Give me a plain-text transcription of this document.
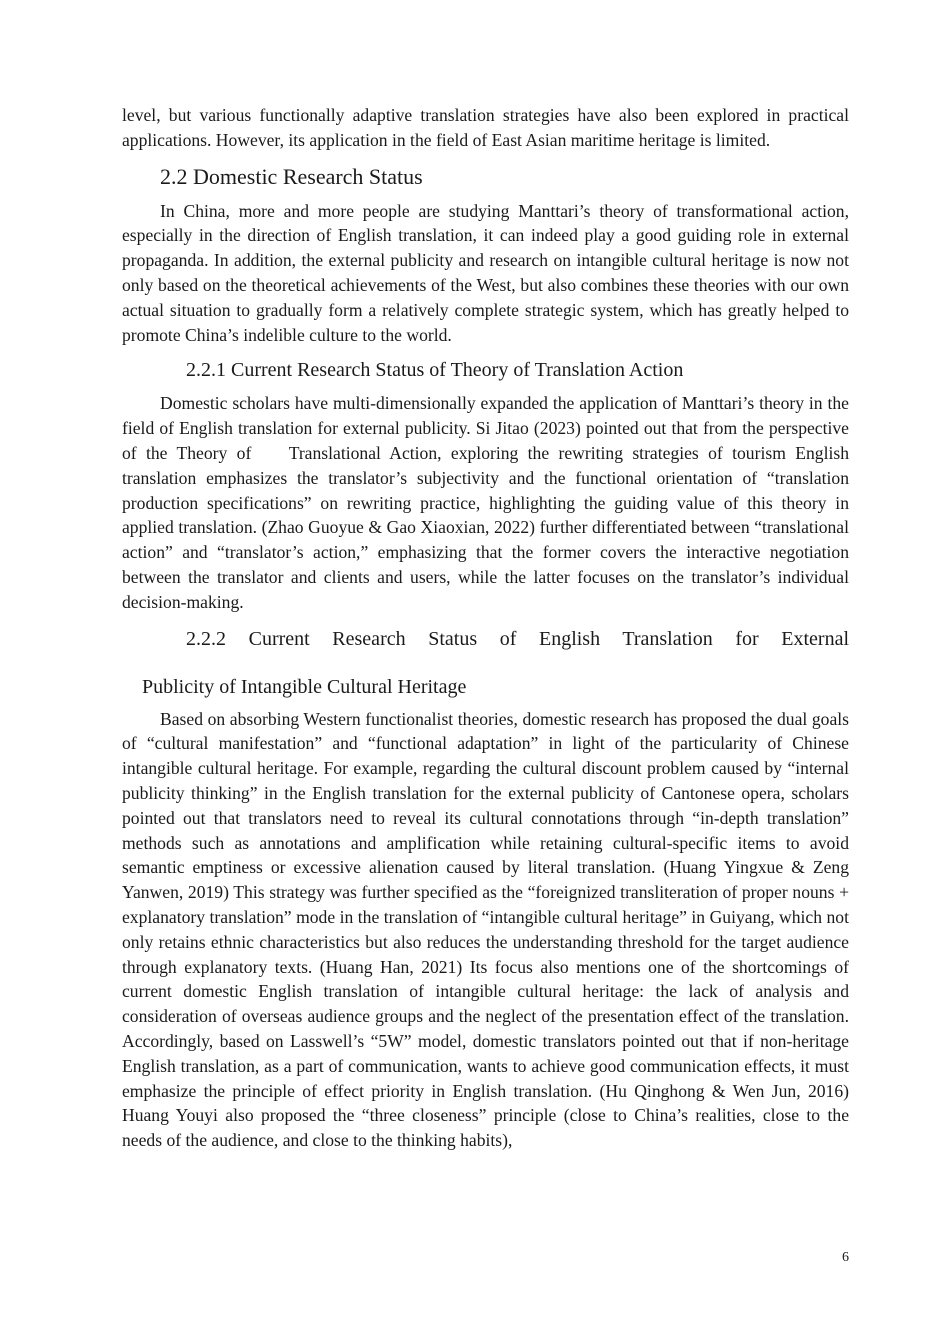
level, but various functionally adaptive translation strategies have also been explored in practical applications. However, its application in the field of East Asian maritime heritage is limited.

2.2 Domestic Research Status

In China, more and more people are studying Manttari’s theory of transformational action, especially in the direction of English translation, it can indeed play a good guiding role in external propaganda. In addition, the external publicity and research on intangible cultural heritage is now not only based on the theoretical achievements of the West, but also combines these theories with our own actual situation to gradually form a relatively complete strategic system, which has greatly helped to promote China’s indelible culture to the world.

2.2.1 Current Research Status of Theory of Translation Action

Domestic scholars have multi-dimensionally expanded the application of Manttari’s theory in the field of English translation for external publicity. Si Jitao (2023) pointed out that from the perspective of the Theory of    Translational Action, exploring the rewriting strategies of tourism English translation emphasizes the translator’s subjectivity and the functional orientation of “translation production specifications” on rewriting practice, highlighting the guiding value of this theory in applied translation. (Zhao Guoyue & Gao Xiaoxian, 2022) further differentiated between “translational action” and “translator’s action,” emphasizing that the former covers the interactive negotiation between the translator and clients and users, while the latter focuses on the translator’s individual decision-making.

2.2.2 Current Research Status of English Translation for External
Publicity of Intangible Cultural Heritage

Based on absorbing Western functionalist theories, domestic research has proposed the dual goals of “cultural manifestation” and “functional adaptation” in light of the particularity of Chinese intangible cultural heritage. For example, regarding the cultural discount problem caused by “internal publicity thinking” in the English translation for the external publicity of Cantonese opera, scholars pointed out that translators need to reveal its cultural connotations through “in-depth translation” methods such as annotations and amplification while retaining cultural-specific items to avoid semantic emptiness or excessive alienation caused by literal translation. (Huang Yingxue & Zeng Yanwen, 2019) This strategy was further specified as the “foreignized transliteration of proper nouns + explanatory translation” mode in the translation of “intangible cultural heritage” in Guiyang, which not only retains ethnic characteristics but also reduces the understanding threshold for the target audience through explanatory texts. (Huang Han, 2021) Its focus also mentions one of the shortcomings of current domestic English translation of intangible cultural heritage: the lack of analysis and consideration of overseas audience groups and the neglect of the presentation effect of the translation. Accordingly, based on Lasswell’s “5W” model, domestic translators pointed out that if non-heritage English translation, as a part of communication, wants to achieve good communication effects, it must emphasize the principle of effect priority in English translation. (Hu Qinghong & Wen Jun, 2016) Huang Youyi also proposed the “three closeness” principle (close to China’s realities, close to the needs of the audience, and close to the thinking habits),

6
